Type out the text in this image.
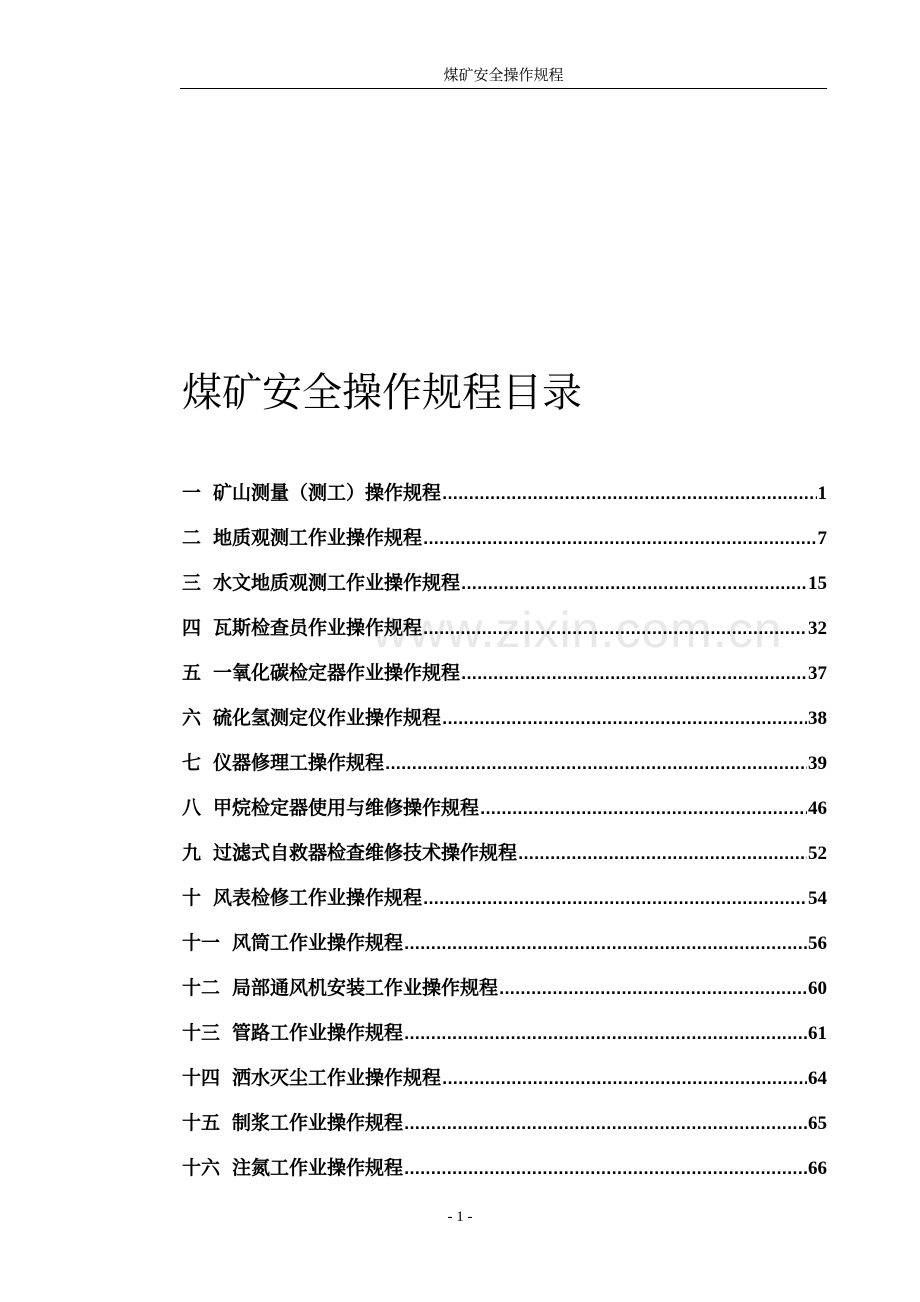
煤矿安全操作规程
www.zixin.com.cn
煤矿安全操作规程目录
一 矿山测量（测工）操作规程 .....	1
二 地质观测工作业操作规程 .....	7
三 水文地质观测工作业操作规程 .....	15
四 瓦斯检查员作业操作规程 .....	32
五 一氧化碳检定器作业操作规程 .....	37
六 硫化氢测定仪作业操作规程 .....	38
七 仪器修理工操作规程 .....	39
八 甲烷检定器使用与维修操作规程 .....	46
九 过滤式自救器检查维修技术操作规程 .....	52
十 风表检修工作业操作规程 .....	54
十一 风筒工作业操作规程 .....	56
十二 局部通风机安装工作业操作规程 .....	60
十三 管路工作业操作规程 .....	61
十四 洒水灭尘工作业操作规程 .....	64
十五 制浆工作业操作规程 .....	65
十六 注氮工作业操作规程 .....	66
- 1 -
